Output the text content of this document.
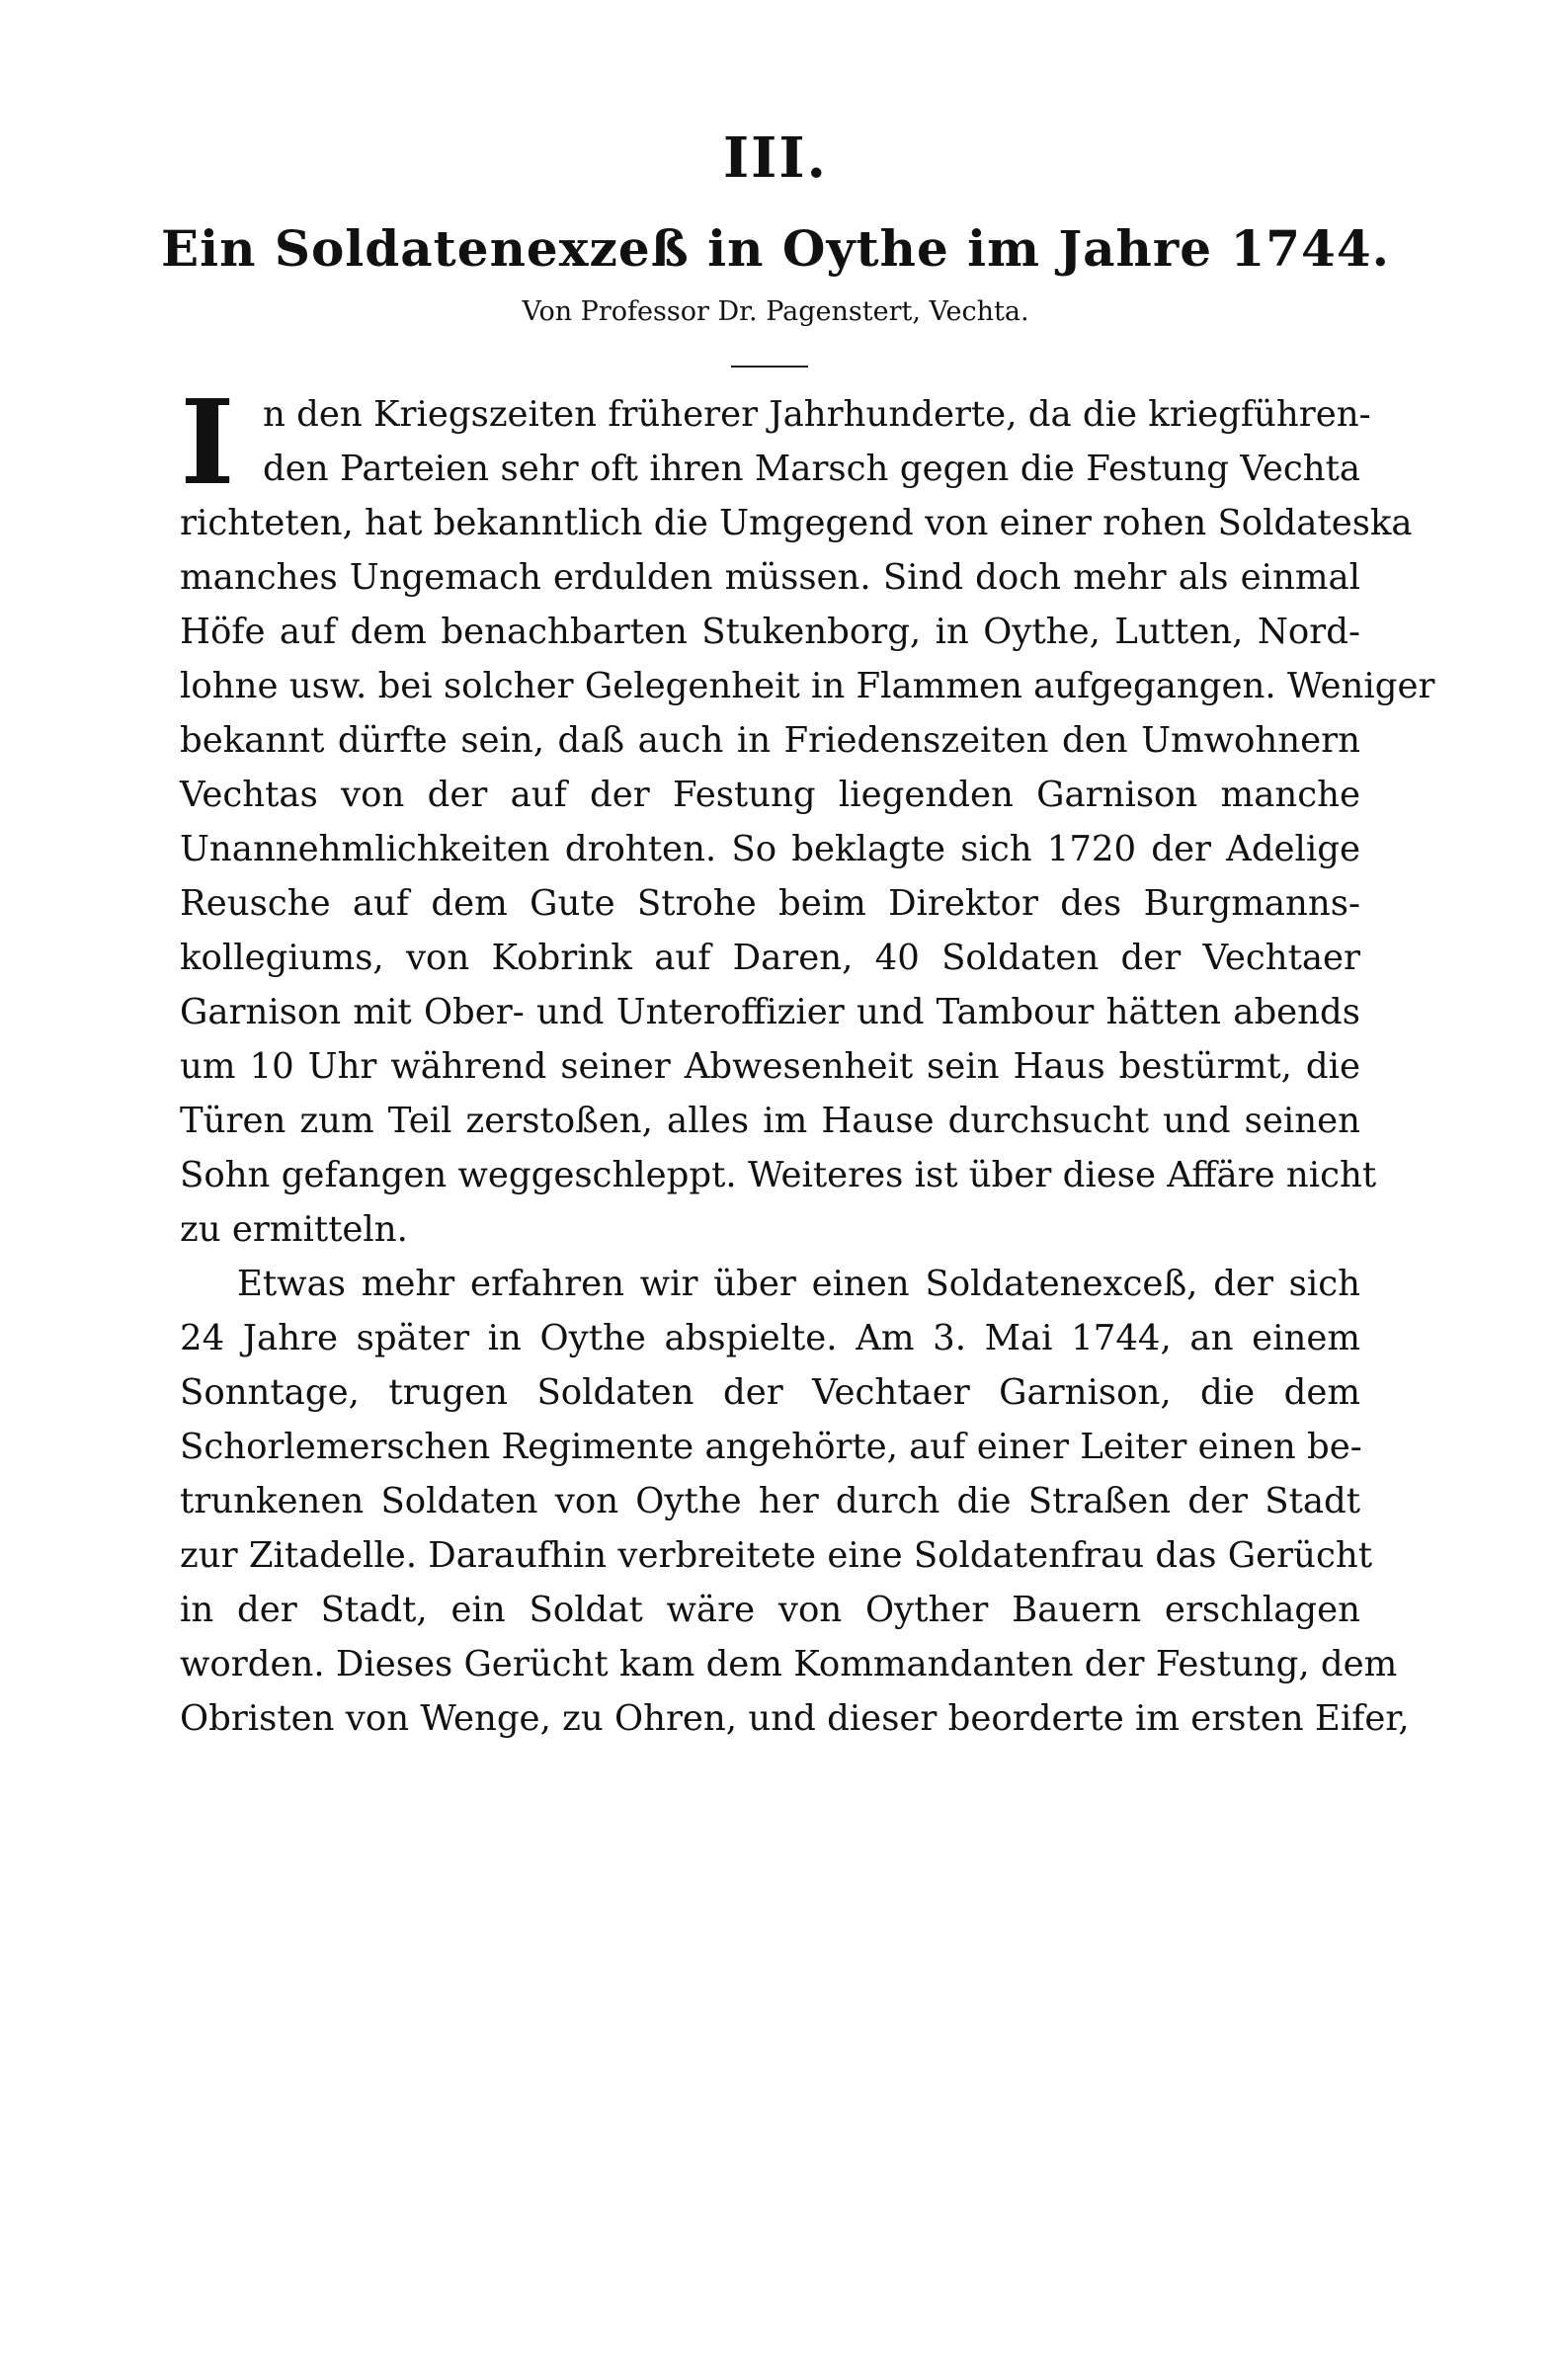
III.
Ein Soldatenexzeß in Oythe im Jahre 1744.
Von Professor Dr. Pagenstert, Vechta.
I n den Kriegszeiten früherer Jahrhunderte, da die kriegführen-
den Parteien sehr oft ihren Marsch gegen die Festung Vechta
richteten, hat bekanntlich die Umgegend von einer rohen Soldateska
manches Ungemach erdulden müssen. Sind doch mehr als einmal
Höfe auf dem benachbarten Stukenborg, in Oythe, Lutten, Nord-
lohne usw. bei solcher Gelegenheit in Flammen aufgegangen. Weniger
bekannt dürfte sein, daß auch in Friedenszeiten den Umwohnern
Vechtas von der auf der Festung liegenden Garnison manche
Unannehmlichkeiten drohten. So beklagte sich 1720 der Adelige
Reusche auf dem Gute Strohe beim Direktor des Burgmanns-
kollegiums, von Kobrink auf Daren, 40 Soldaten der Vechtaer
Garnison mit Ober- und Unteroffizier und Tambour hätten abends
um 10 Uhr während seiner Abwesenheit sein Haus bestürmt, die
Türen zum Teil zerstoßen, alles im Hause durchsucht und seinen
Sohn gefangen weggeschleppt. Weiteres ist über diese Affäre nicht
zu ermitteln.
Etwas mehr erfahren wir über einen Soldatenexceß, der sich
24 Jahre später in Oythe abspielte. Am 3. Mai 1744, an einem
Sonntage, trugen Soldaten der Vechtaer Garnison, die dem
Schorlemerschen Regimente angehörte, auf einer Leiter einen be-
trunkenen Soldaten von Oythe her durch die Straßen der Stadt
zur Zitadelle. Daraufhin verbreitete eine Soldatenfrau das Gerücht
in der Stadt, ein Soldat wäre von Oyther Bauern erschlagen
worden. Dieses Gerücht kam dem Kommandanten der Festung, dem
Obristen von Wenge, zu Ohren, und dieser beorderte im ersten Eifer,
